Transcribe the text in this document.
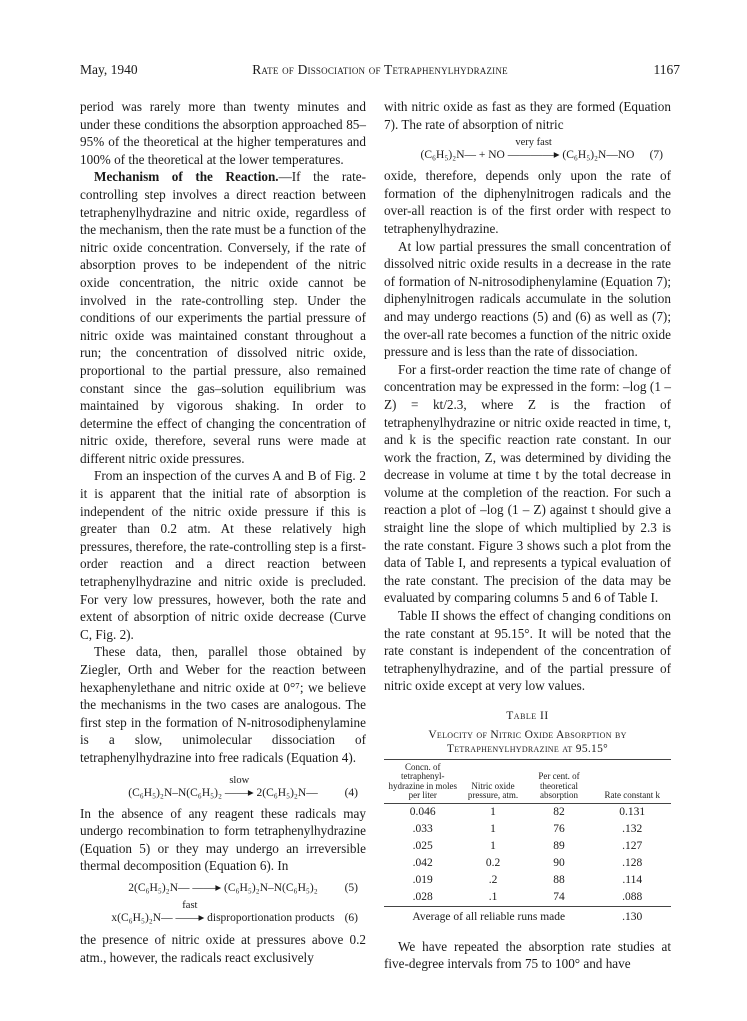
May, 1940	Rate of Dissociation of Tetraphenylhydrazine	1167

period was rarely more than twenty minutes and under these conditions the absorption approached 85–95% of the theoretical at the higher temperatures and 100% of the theoretical at the lower temperatures.

Mechanism of the Reaction.—If the rate-controlling step involves a direct reaction between tetraphenylhydrazine and nitric oxide, regardless of the mechanism, then the rate must be a function of the nitric oxide concentration. Conversely, if the rate of absorption proves to be independent of the nitric oxide concentration, the nitric oxide cannot be involved in the rate-controlling step. Under the conditions of our experiments the partial pressure of nitric oxide was maintained constant throughout a run; the concentration of dissolved nitric oxide, proportional to the partial pressure, also remained constant since the gas–solution equilibrium was maintained by vigorous shaking. In order to determine the effect of changing the concentration of nitric oxide, therefore, several runs were made at different nitric oxide pressures.

From an inspection of the curves A and B of Fig. 2 it is apparent that the initial rate of absorption is independent of the nitric oxide pressure if this is greater than 0.2 atm. At these relatively high pressures, therefore, the rate-controlling step is a first-order reaction and a direct reaction between tetraphenylhydrazine and nitric oxide is precluded. For very low pressures, however, both the rate and extent of absorption of nitric oxide decrease (Curve C, Fig. 2).

These data, then, parallel those obtained by Ziegler, Orth and Weber for the reaction between hexaphenylethane and nitric oxide at 0°⁷; we believe the mechanisms in the two cases are analogous. The first step in the formation of N-nitrosodiphenylamine is a slow, unimolecular dissociation of tetraphenylhydrazine into free radicals (Equation 4).

(C₆H₅)₂N–N(C₆H₅)₂
slow
——▸ 2(C₆H₅)₂N— (4)

In the absence of any reagent these radicals may undergo recombination to form tetraphenylhydrazine (Equation 5) or they may undergo an irreversible thermal decomposition (Equation 6). In

2(C₆H₅)₂N— ——▸ (C₆H₅)₂N–N(C₆H₅)₂ (5)
x(C₆H₅)₂N—
fast
——▸ disproportionation products (6)

the presence of nitric oxide at pressures above 0.2 atm., however, the radicals react exclusively

with nitric oxide as fast as they are formed (Equation 7). The rate of absorption of nitric

(C₆H₅)₂N— + NO
very fast
————▸ (C₆H₅)₂N—NO (7)

oxide, therefore, depends only upon the rate of formation of the diphenylnitrogen radicals and the over-all reaction is of the first order with respect to tetraphenylhydrazine.

At low partial pressures the small concentration of dissolved nitric oxide results in a decrease in the rate of formation of N-nitrosodiphenylamine (Equation 7); diphenylnitrogen radicals accumulate in the solution and may undergo reactions (5) and (6) as well as (7); the over-all rate becomes a function of the nitric oxide pressure and is less than the rate of dissociation.

For a first-order reaction the time rate of change of concentration may be expressed in the form: –log (1 – Z) = kt/2.3, where Z is the fraction of tetraphenylhydrazine or nitric oxide reacted in time, t, and k is the specific reaction rate constant. In our work the fraction, Z, was determined by dividing the decrease in volume at time t by the total decrease in volume at the completion of the reaction. For such a reaction a plot of –log (1 – Z) against t should give a straight line the slope of which multiplied by 2.3 is the rate constant. Figure 3 shows such a plot from the data of Table I, and represents a typical evaluation of the rate constant. The precision of the data may be evaluated by comparing columns 5 and 6 of Table I.

Table II shows the effect of changing conditions on the rate constant at 95.15°. It will be noted that the rate constant is independent of the concentration of tetraphenylhydrazine, and of the partial pressure of nitric oxide except at very low values.

Table II
Velocity of Nitric Oxide Absorption by Tetraphenylhydrazine at 95.15°
Concn. of tetraphenyl-hydrazine in moles per liter	Nitric oxide pressure, atm.	Per cent. of theoretical absorption	Rate constant k
0.046	1	82	0.131
.033	1	76	.132
.025	1	89	.127
.042	0.2	90	.128
.019	.2	88	.114
.028	.1	74	.088
Average of all reliable runs made			.130

We have repeated the absorption rate studies at five-degree intervals from 75 to 100° and have
